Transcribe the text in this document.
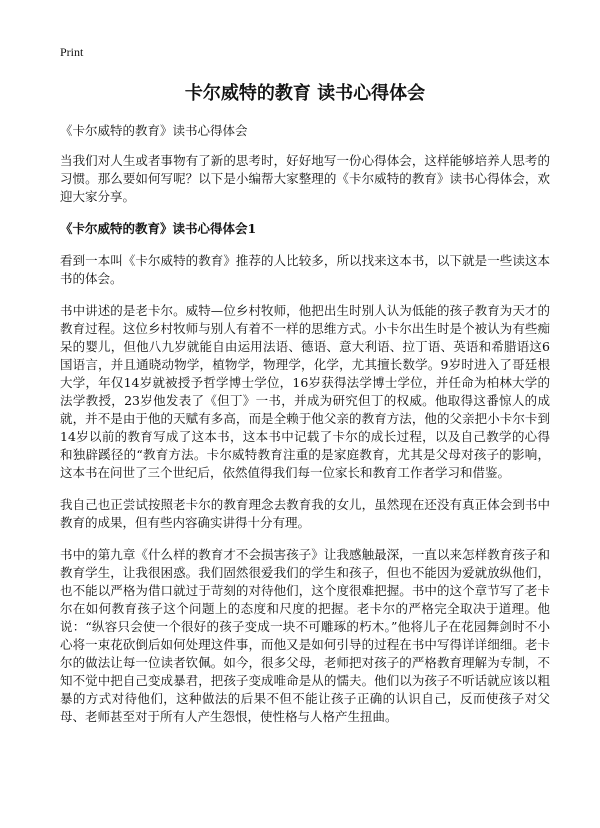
Print
卡尔威特的教育 读书心得体会

《卡尔威特的教育》读书心得体会

当我们对人生或者事物有了新的思考时，好好地写一份心得体会，这样能够培养人思考的习惯。那么要如何写呢？以下是小编帮大家整理的《卡尔威特的教育》读书心得体会，欢迎大家分享。

《卡尔威特的教育》读书心得体会1

看到一本叫《卡尔威特的教育》推荐的人比较多，所以找来这本书，以下就是一些读这本书的体会。

书中讲述的是老卡尔。威特—位乡村牧师，他把出生时别人认为低能的孩子教育为天才的教育过程。这位乡村牧师与别人有着不一样的思维方式。小卡尔出生时是个被认为有些痴呆的婴儿，但他八九岁就能自由运用法语、德语、意大利语、拉丁语、英语和希腊语这6国语言，并且通晓动物学，植物学，物理学，化学，尤其擅长数学。9岁时进入了哥廷根大学，年仅14岁就被授予哲学博士学位，16岁获得法学博士学位，并任命为柏林大学的法学教授，23岁他发表了《但丁》一书，并成为研究但丁的权威。他取得这番惊人的成就，并不是由于他的天赋有多高，而是全赖于他父亲的教育方法，他的父亲把小卡尔卡到14岁以前的教育写成了这本书，这本书中记载了卡尔的成长过程，以及自己教学的心得和独辟蹊径的“教育方法。卡尔威特教育注重的是家庭教育，尤其是父母对孩子的影响，这本书在问世了三个世纪后，依然值得我们每一位家长和教育工作者学习和借鉴。

我自己也正尝试按照老卡尔的教育理念去教育我的女儿，虽然现在还没有真正体会到书中教育的成果，但有些内容确实讲得十分有理。

书中的第九章《什么样的教育才不会损害孩子》让我感触最深，一直以来怎样教育孩子和教育学生，让我很困惑。我们固然很爱我们的学生和孩子，但也不能因为爱就放纵他们，也不能以严格为借口就过于苛刻的对待他们，这个度很难把握。书中的这个章节写了老卡尔在如何教育孩子这个问题上的态度和尺度的把握。老卡尔的严格完全取决于道理。他说：“纵容只会使一个很好的孩子变成一块不可雕琢的朽木。”他将儿子在花园舞剑时不小心将一束花砍倒后如何处理这件事，而他又是如何引导的过程在书中写得详详细细。老卡尔的做法让每一位读者钦佩。如今，很多父母，老师把对孩子的严格教育理解为专制，不知不觉中把自己变成暴君，把孩子变成唯命是从的懦夫。他们以为孩子不听话就应该以粗暴的方式对待他们，这种做法的后果不但不能让孩子正确的认识自己，反而使孩子对父母、老师甚至对于所有人产生怨恨，使性格与人格产生扭曲。
